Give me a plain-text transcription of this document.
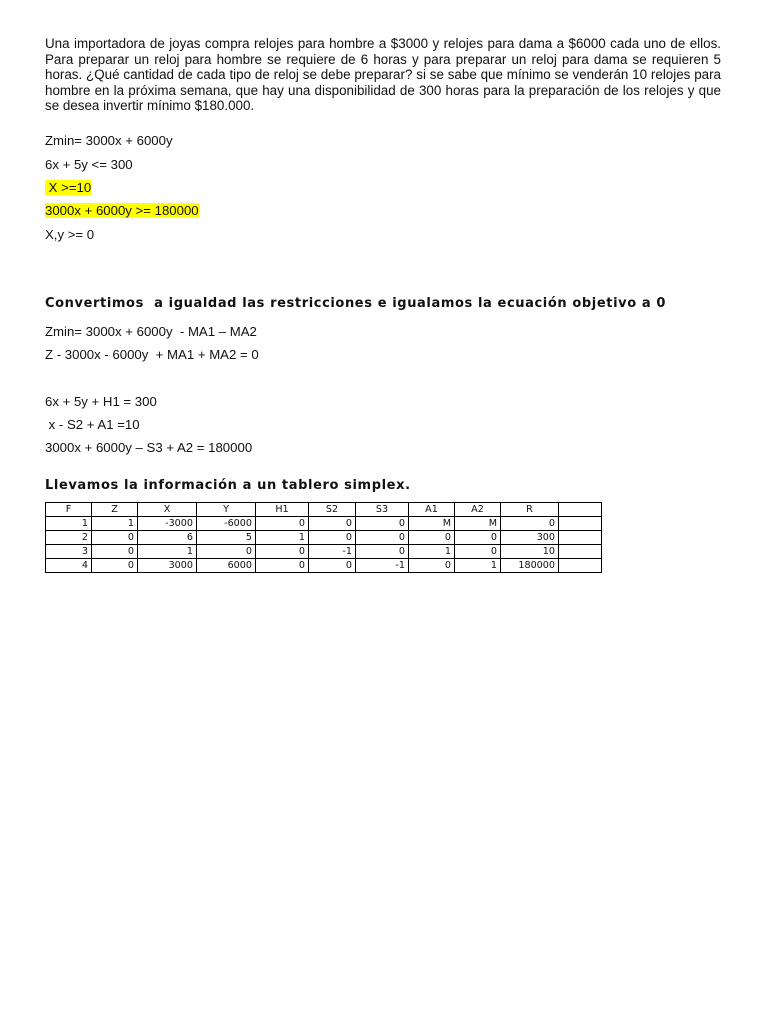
Una importadora de joyas compra relojes para hombre a $3000 y relojes para dama a $6000 cada uno de ellos. Para preparar un reloj para hombre se requiere de 6 horas y para preparar un reloj para dama se requieren 5 horas. ¿Qué cantidad de cada tipo de reloj se debe preparar? si se sabe que mínimo se venderán 10 relojes para hombre en la próxima semana, que hay una disponibilidad de 300 horas para la preparación de los relojes y que se desea invertir mínimo $180.000.

Zmin= 3000x + 6000y

6x + 5y <= 300

X >=10

3000x + 6000y >= 180000

X,y >= 0

Convertimos  a igualdad las restricciones e igualamos la ecuación objetivo a 0

Zmin= 3000x + 6000y  - MA1 – MA2

Z - 3000x - 6000y  + MA1 + MA2 = 0

6x + 5y + H1 = 300

x - S2 + A1 =10

3000x + 6000y – S3 + A2 = 180000

Llevamos la información a un tablero simplex.

F	Z	X	Y	H1	S2	S3	A1	A2	R	
1	1	-3000	-6000	0	0	0	M	M	0	
2	0	6	5	1	0	0	0	0	300	
3	0	1	0	0	-1	0	1	0	10	
4	0	3000	6000	0	0	-1	0	1	180000	
